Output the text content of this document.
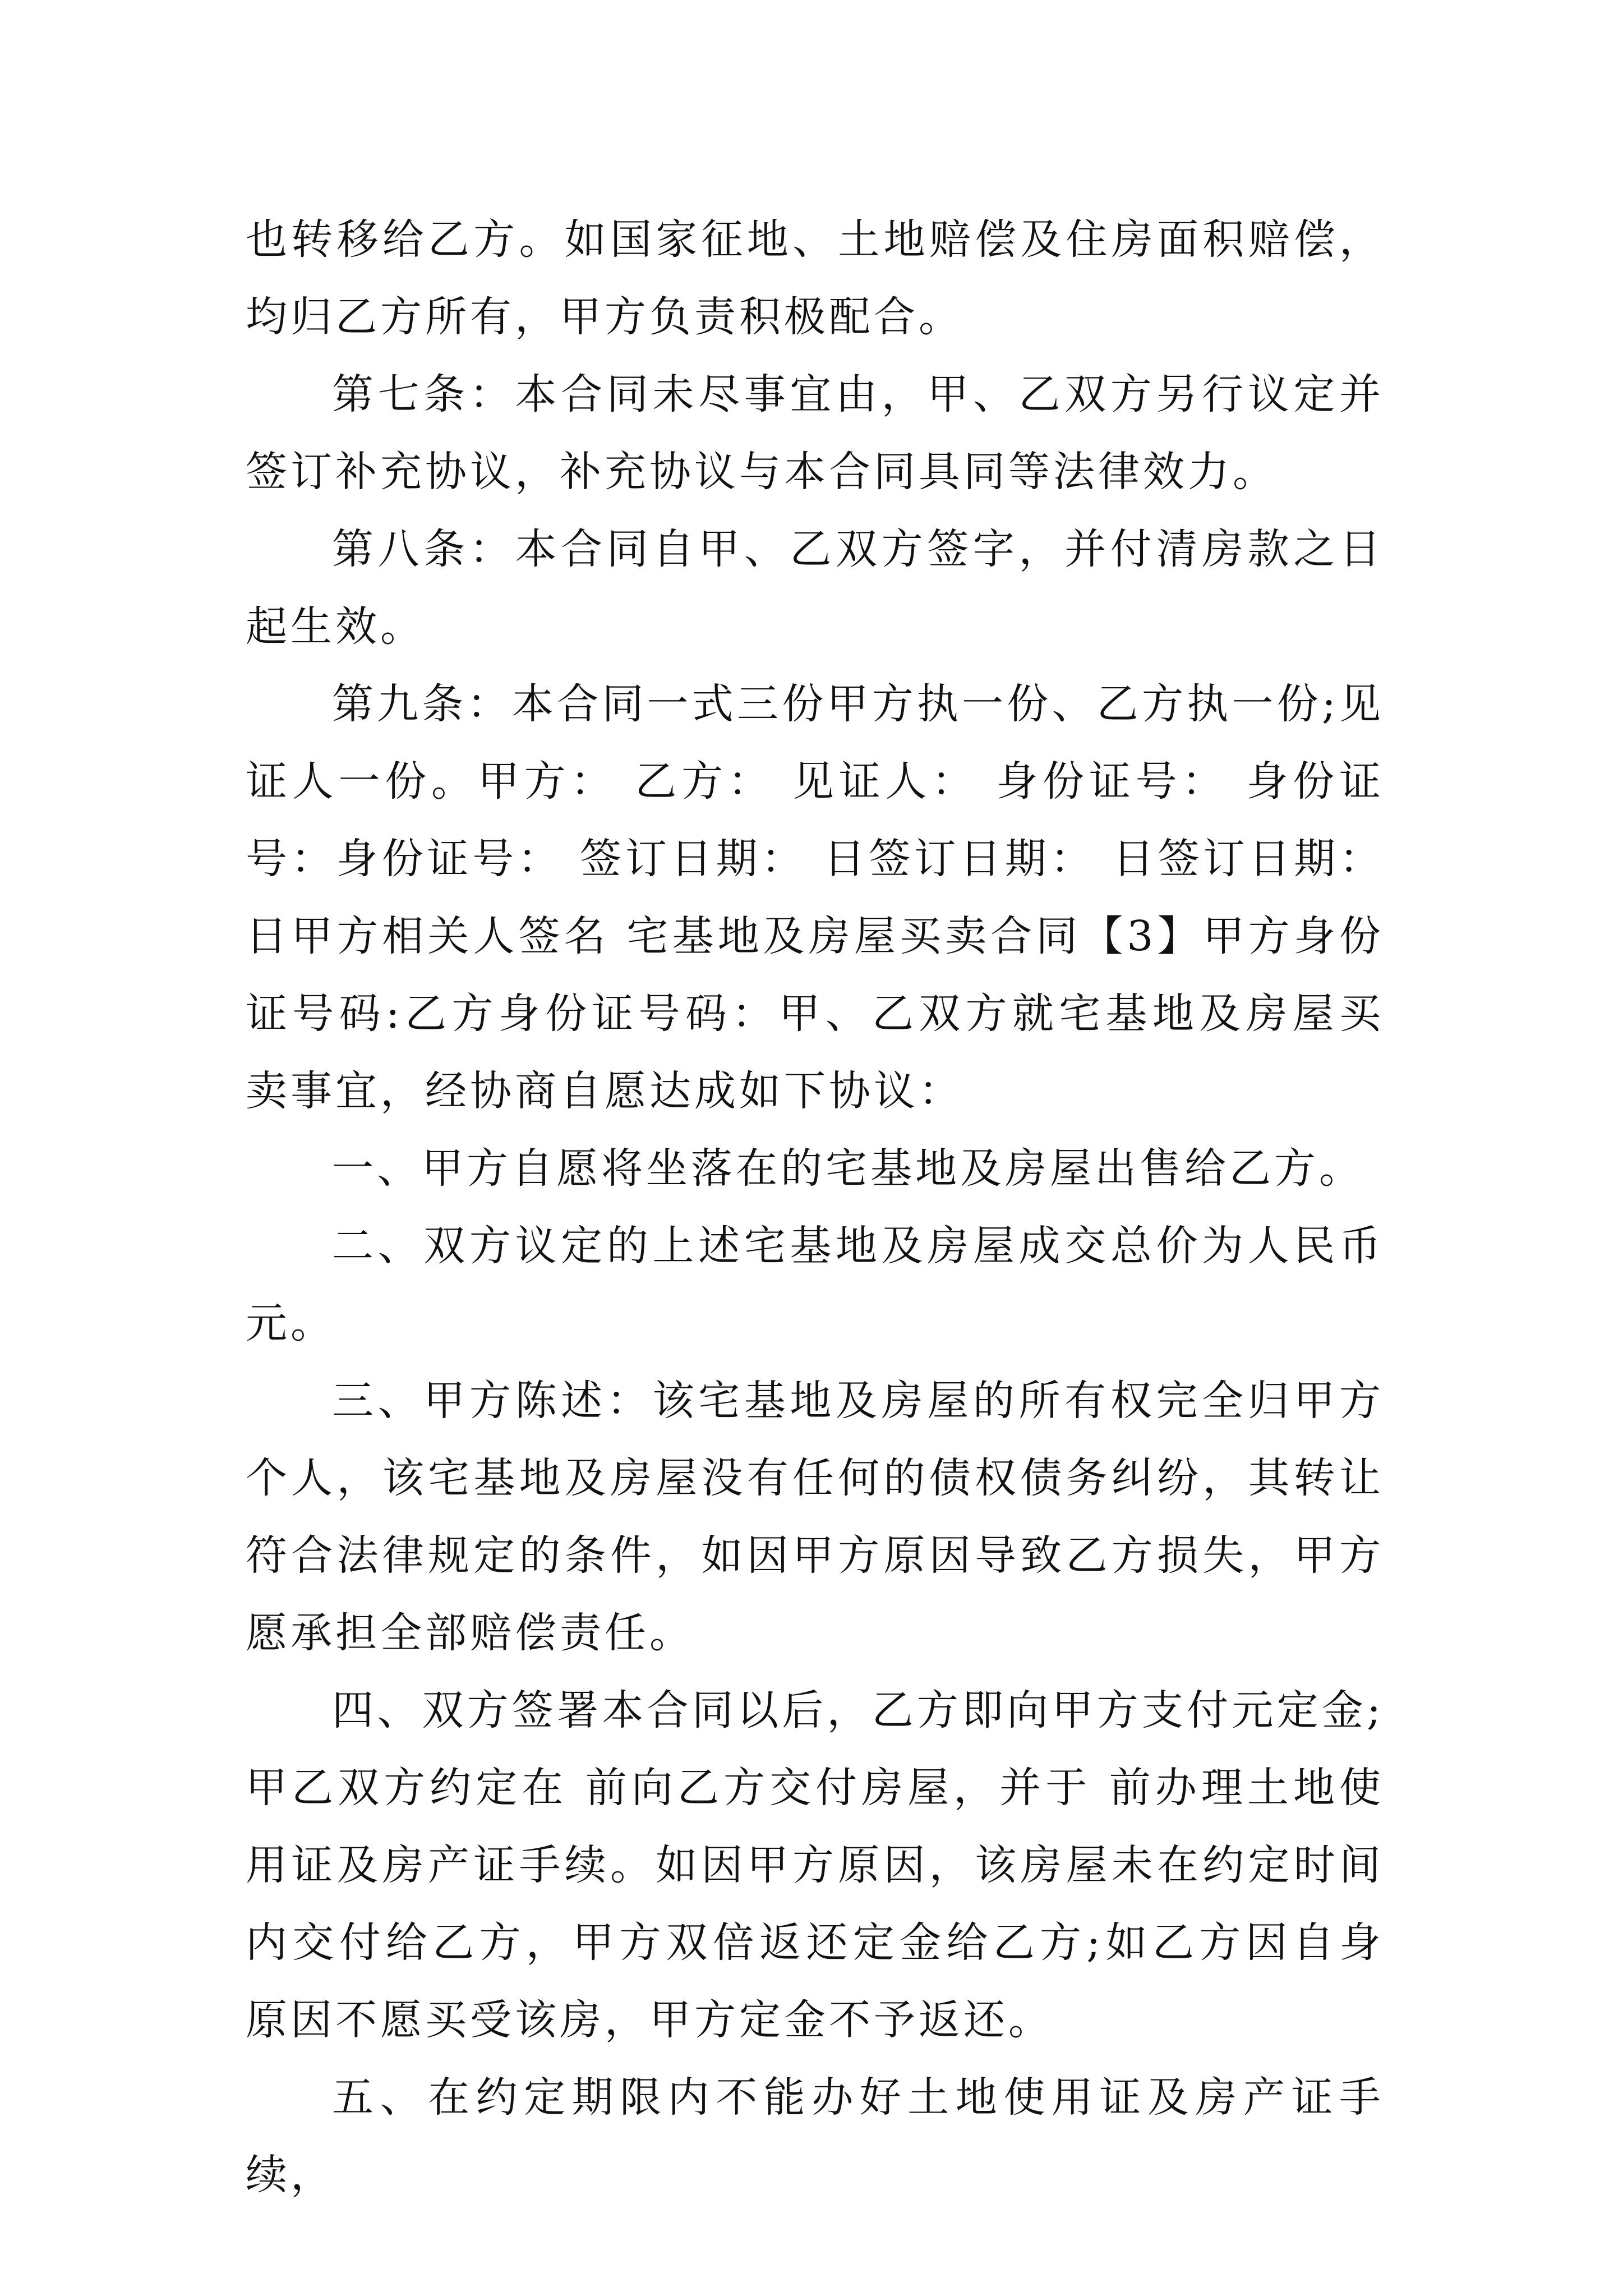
也转移给乙方。如国家征地、土地赔偿及住房面积赔偿，均归乙方所有，甲方负责积极配合。

第七条：本合同未尽事宜由，甲、乙双方另行议定并签订补充协议，补充协议与本合同具同等法律效力。

第八条：本合同自甲、乙双方签字，并付清房款之日起生效。

第九条：本合同一式三份甲方执一份、乙方执一份;见证人一份。甲方： 乙方： 见证人： 身份证号： 身份证号：身份证号： 签订日期： 日签订日期： 日签订日期： 日甲方相关人签名 宅基地及房屋买卖合同【3】甲方身份证号码:乙方身份证号码：甲、乙双方就宅基地及房屋买卖事宜，经协商自愿达成如下协议：

一、甲方自愿将坐落在的宅基地及房屋出售给乙方。

二、双方议定的上述宅基地及房屋成交总价为人民币元。

三、甲方陈述：该宅基地及房屋的所有权完全归甲方个人，该宅基地及房屋没有任何的债权债务纠纷，其转让符合法律规定的条件，如因甲方原因导致乙方损失，甲方愿承担全部赔偿责任。

四、双方签署本合同以后，乙方即向甲方支付元定金;甲乙双方约定在 前向乙方交付房屋，并于 前办理土地使用证及房产证手续。如因甲方原因，该房屋未在约定时间内交付给乙方，甲方双倍返还定金给乙方;如乙方因自身原因不愿买受该房，甲方定金不予返还。

五、在约定期限内不能办好土地使用证及房产证手续，
